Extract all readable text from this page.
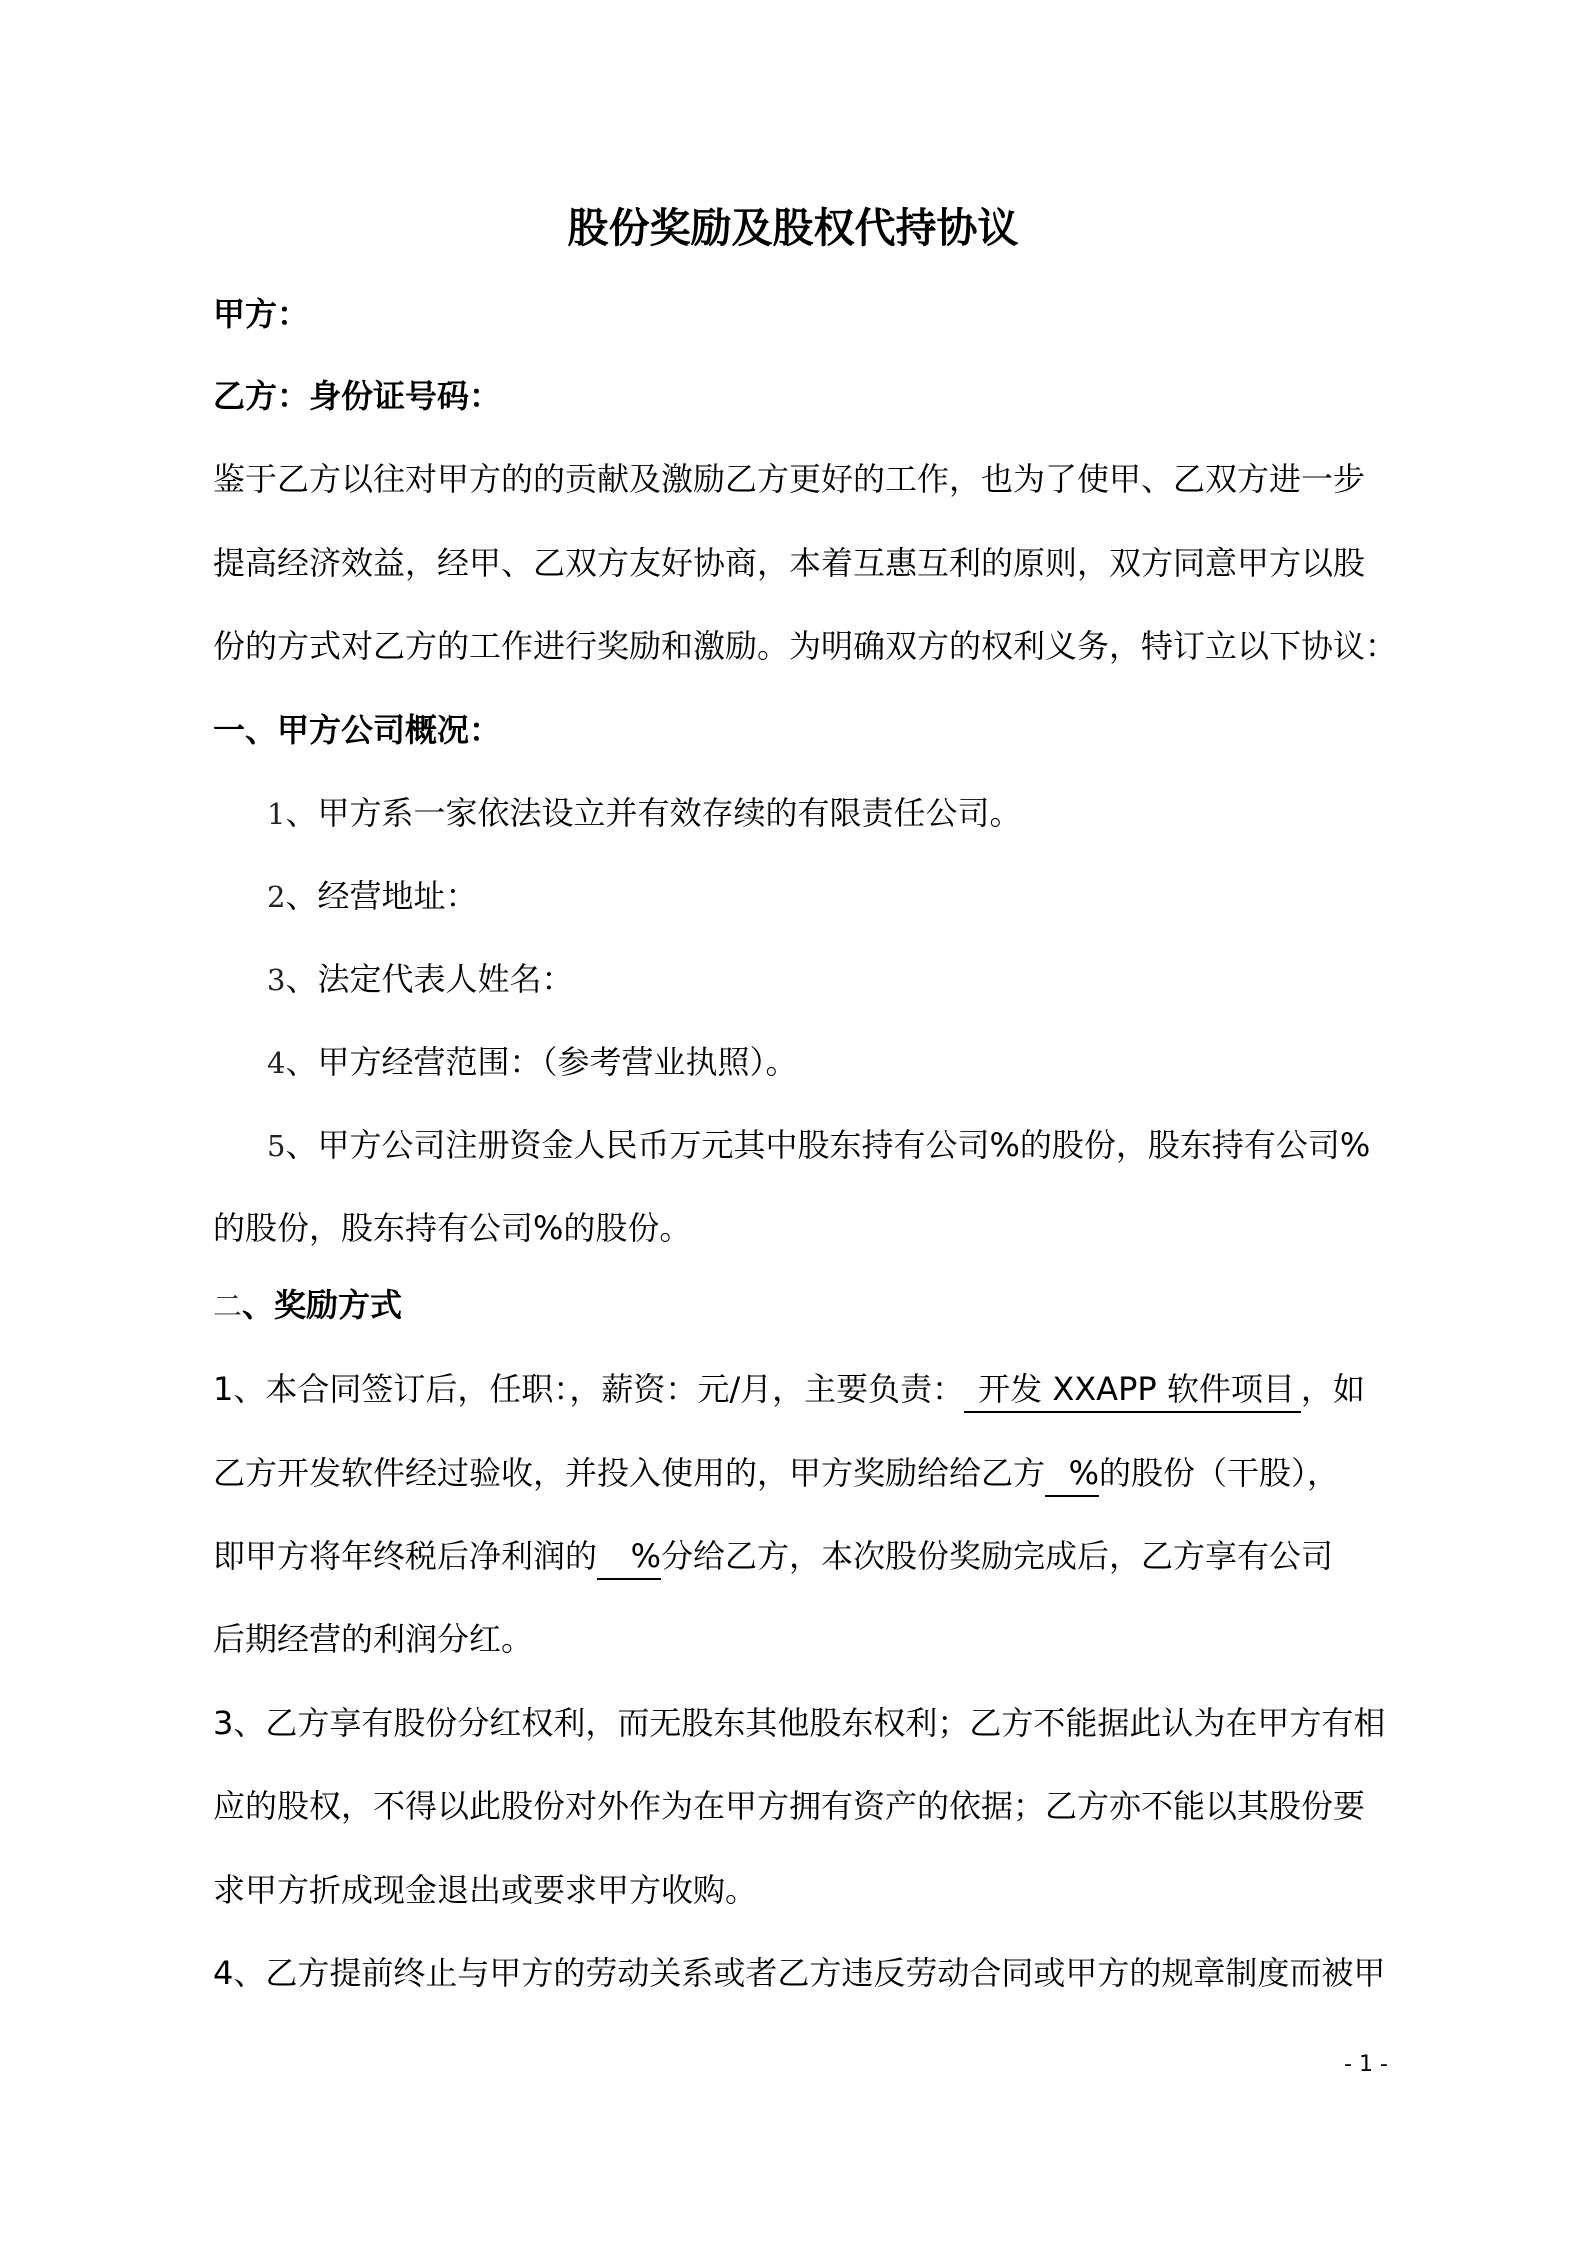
股份奖励及股权代持协议
甲方：
乙方：身份证号码：
鉴于乙方以往对甲方的的贡献及激励乙方更好的工作，也为了使甲、乙双方进一步
提高经济效益，经甲、乙双方友好协商，本着互惠互利的原则，双方同意甲方以股
份的方式对乙方的工作进行奖励和激励。为明确双方的权利义务，特订立以下协议：
一、甲方公司概况：
1、甲方系一家依法设立并有效存续的有限责任公司。
2、经营地址：
3、法定代表人姓名：
4、甲方经营范围：（参考营业执照）。
5、甲方公司注册资金人民币万元其中股东持有公司%的股份，股东持有公司%
的股份，股东持有公司%的股份。
二、奖励方式
1、本合同签订后，任职：，薪资：元/月，主要负责： 开发 XXAPP 软件项目 ，如
乙方开发软件经过验收，并投入使用的，甲方奖励给给乙方 %的股份（干股），
即甲方将年终税后净利润的 %分给乙方，本次股份奖励完成后，乙方享有公司
后期经营的利润分红。
3、乙方享有股份分红权利，而无股东其他股东权利；乙方不能据此认为在甲方有相
应的股权，不得以此股份对外作为在甲方拥有资产的依据；乙方亦不能以其股份要
求甲方折成现金退出或要求甲方收购。
4、乙方提前终止与甲方的劳动关系或者乙方违反劳动合同或甲方的规章制度而被甲
- 1 -
